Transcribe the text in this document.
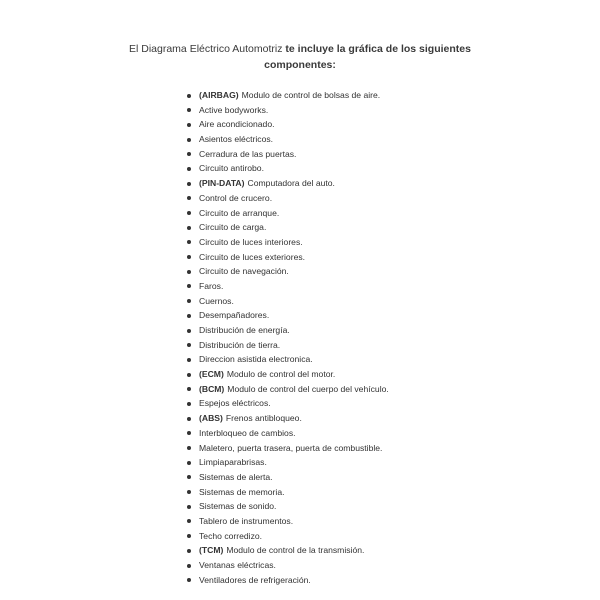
El Diagrama Eléctrico Automotriz te incluye la gráfica de los siguientes
componentes:
(AIRBAG) Modulo de control de bolsas de aire.
Active bodyworks.
Aire acondicionado.
Asientos eléctricos.
Cerradura de las puertas.
Circuito antirobo.
(PIN-DATA) Computadora del auto.
Control de crucero.
Circuito de arranque.
Circuito de carga.
Circuito de luces interiores.
Circuito de luces exteriores.
Circuito de navegación.
Faros.
Cuernos.
Desempañadores.
Distribución de energía.
Distribución de tierra.
Direccion asistida electronica.
(ECM) Modulo de control del motor.
(BCM) Modulo de control del cuerpo del vehículo.
Espejos eléctricos.
(ABS) Frenos antibloqueo.
Interbloqueo de cambios.
Maletero, puerta trasera, puerta de combustible.
Limpiaparabrisas.
Sistemas de alerta.
Sistemas de memoria.
Sistemas de sonido.
Tablero de instrumentos.
Techo corredizo.
(TCM) Modulo de control de la transmisión.
Ventanas eléctricas.
Ventiladores de refrigeración.
